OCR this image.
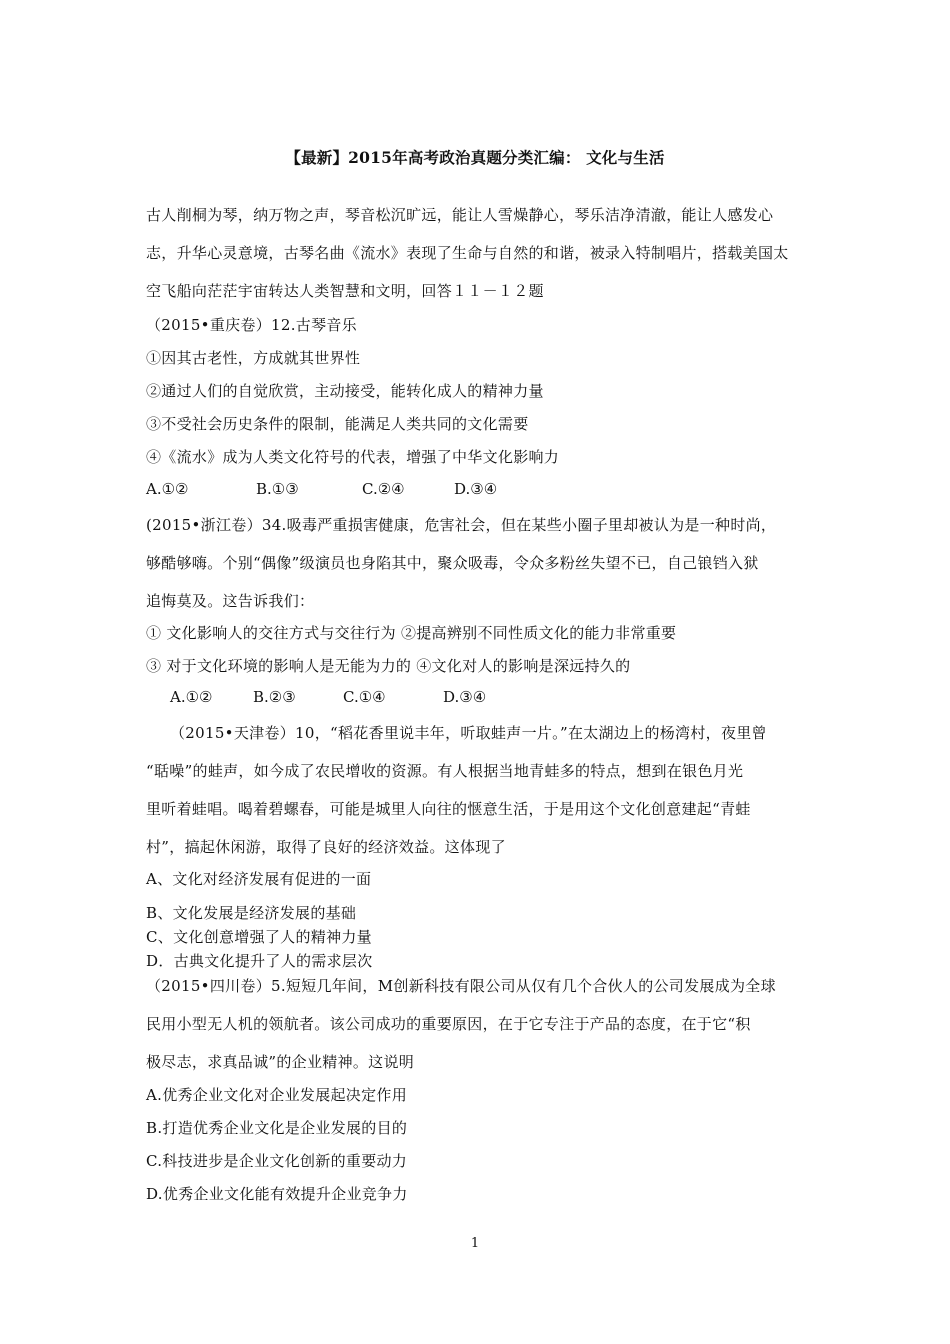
【最新】2015年高考政治真题分类汇编： 文化与生活
古人削桐为琴，纳万物之声，琴音松沉旷远，能让人雪燥静心，琴乐洁净清澈，能让人感发心
志，升华心灵意境，古琴名曲《流水》表现了生命与自然的和谐，被录入特制唱片，搭载美国太
空飞船向茫茫宇宙转达人类智慧和文明，回答１１－１２题
（2015•重庆卷）12.古琴音乐
①因其古老性，方成就其世界性
②通过人们的自觉欣赏，主动接受，能转化成人的精神力量
③不受社会历史条件的限制，能满足人类共同的文化需要
④《流水》成为人类文化符号的代表，增强了中华文化影响力
A.①②	B.①③	C.②④	D.③④
(2015•浙江卷）34.吸毒严重损害健康，危害社会，但在某些小圈子里却被认为是一种时尚，
够酷够嗨。个别“偶像”级演员也身陷其中，聚众吸毒，令众多粉丝失望不已，自己锒铛入狱
追悔莫及。这告诉我们：
① 文化影响人的交往方式与交往行为 ②提高辨别不同性质文化的能力非常重要
③ 对于文化环境的影响人是无能为力的 ④文化对人的影响是深远持久的
A.①②	B.②③	C.①④	D.③④
（2015•天津卷）10，“稻花香里说丰年，听取蛙声一片。”在太湖边上的杨湾村，夜里曾
“聒噪”的蛙声，如今成了农民增收的资源。有人根据当地青蛙多的特点，想到在银色月光
里听着蛙唱。喝着碧螺春，可能是城里人向往的惬意生活，于是用这个文化创意建起“青蛙
村”，搞起休闲游，取得了良好的经济效益。这体现了
A、文化对经济发展有促进的一面
B、文化发展是经济发展的基础
C、文化创意增强了人的精神力量
D．古典文化提升了人的需求层次
（2015•四川卷）5.短短几年间，M创新科技有限公司从仅有几个合伙人的公司发展成为全球
民用小型无人机的领航者。该公司成功的重要原因，在于它专注于产品的态度，在于它“积
极尽志，求真品诚”的企业精神。这说明
A.优秀企业文化对企业发展起决定作用
B.打造优秀企业文化是企业发展的目的
C.科技进步是企业文化创新的重要动力
D.优秀企业文化能有效提升企业竞争力
1
